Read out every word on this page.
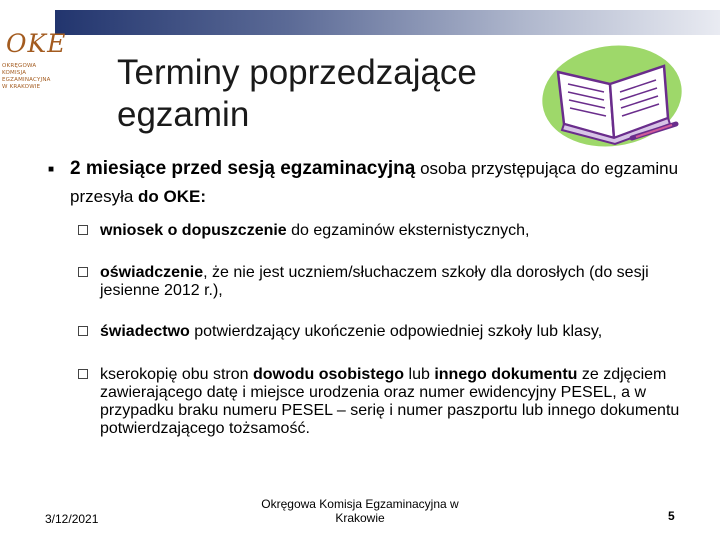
OKE
OKRĘGOWA
KOMISJA
EGZAMINACYJNA
W KRAKOWIE	Terminy poprzedzające
egzamin
■ 2 miesiące przed sesją egzaminacyjną osoba przystępująca do egzaminu przesyła do OKE:
wniosek o dopuszczenie do egzaminów eksternistycznych,
oświadczenie, że nie jest uczniem/słuchaczem szkoły dla dorosłych (do sesji jesienne 2012 r.),
świadectwo potwierdzający ukończenie odpowiedniej szkoły lub klasy,
kserokopię obu stron dowodu osobistego lub innego dokumentu ze zdjęciem zawierającego datę i miejsce urodzenia oraz numer ewidencyjny PESEL, a w przypadku braku numeru PESEL – serię i numer paszportu lub innego dokumentu potwierdzającego tożsamość.
3/12/2021
Okręgowa Komisja Egzaminacyjna w
Krakowie	5
